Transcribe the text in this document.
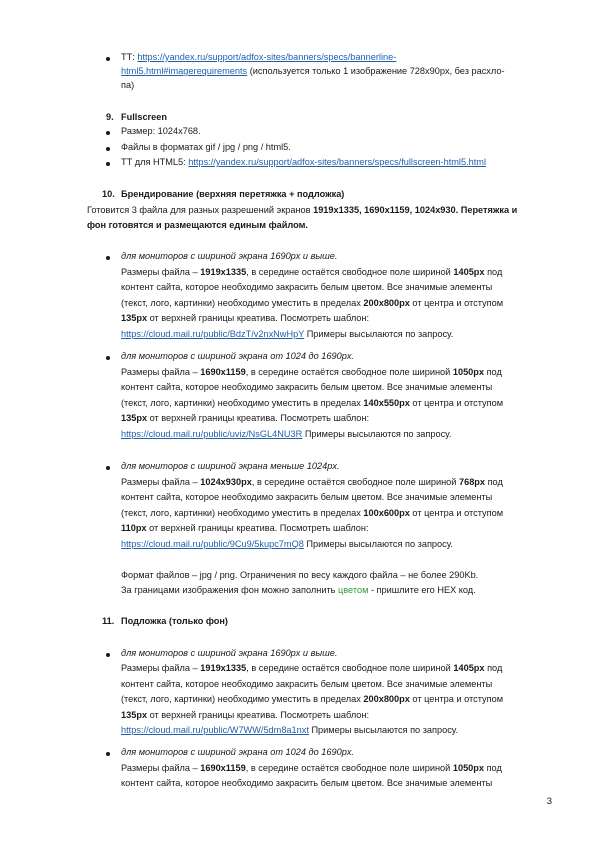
ТТ: https://yandex.ru/support/adfox-sites/banners/specs/bannerline-
html5.html#imagerequirements (используется только 1 изображение 728x90px, без расхло-
па)
9. Fullscreen
Размер: 1024x768.
Файлы в форматах gif / jpg / png / html5.
ТТ для HTML5: https://yandex.ru/support/adfox-sites/banners/specs/fullscreen-html5.html
10. Брендирование (верхняя перетяжка + подложка)
Готовится 3 файла для разных разрешений экранов 1919x1335, 1690x1159, 1024x930. Перетяжка и
фон готовятся и размещаются единым файлом.
для мониторов с шириной экрана 1690px и выше.
Размеры файла – 1919x1335, в середине остаётся свободное поле шириной 1405px под
контент сайта, которое необходимо закрасить белым цветом. Все значимые элементы
(текст, лого, картинки) необходимо уместить в пределах 200x800px от центра и отступом
135px от верхней границы креатива. Посмотреть шаблон:
https://cloud.mail.ru/public/BdzT/v2nxNwHpY Примеры высылаются по запросу.
для мониторов с шириной экрана от 1024 до 1690px.
Размеры файла – 1690x1159, в середине остаётся свободное поле шириной 1050px под
контент сайта, которое необходимо закрасить белым цветом. Все значимые элементы
(текст, лого, картинки) необходимо уместить в пределах 140x550px от центра и отступом
135px от верхней границы креатива. Посмотреть шаблон:
https://cloud.mail.ru/public/uviz/NsGL4NU3R Примеры высылаются по запросу.
для мониторов с шириной экрана меньше 1024px.
Размеры файла – 1024x930px, в середине остаётся свободное поле шириной 768px под
контент сайта, которое необходимо закрасить белым цветом. Все значимые элементы
(текст, лого, картинки) необходимо уместить в пределах 100x600px от центра и отступом
110px от верхней границы креатива. Посмотреть шаблон:
https://cloud.mail.ru/public/9Cu9/5kupc7mQ8 Примеры высылаются по запросу.
Формат файлов – jpg / png. Ограничения по весу каждого файла – не более 290Kb.
За границами изображения фон можно заполнить цветом - пришлите его HEX код.
11. Подложка (только фон)
для мониторов с шириной экрана 1690px и выше.
Размеры файла – 1919x1335, в середине остаётся свободное поле шириной 1405px под
контент сайта, которое необходимо закрасить белым цветом. Все значимые элементы
(текст, лого, картинки) необходимо уместить в пределах 200x800px от центра и отступом
135px от верхней границы креатива. Посмотреть шаблон:
https://cloud.mail.ru/public/W7WW/5dm8a1nxt Примеры высылаются по запросу.
для мониторов с шириной экрана от 1024 до 1690px.
Размеры файла – 1690x1159, в середине остаётся свободное поле шириной 1050px под
контент сайта, которое необходимо закрасить белым цветом. Все значимые элементы
3
